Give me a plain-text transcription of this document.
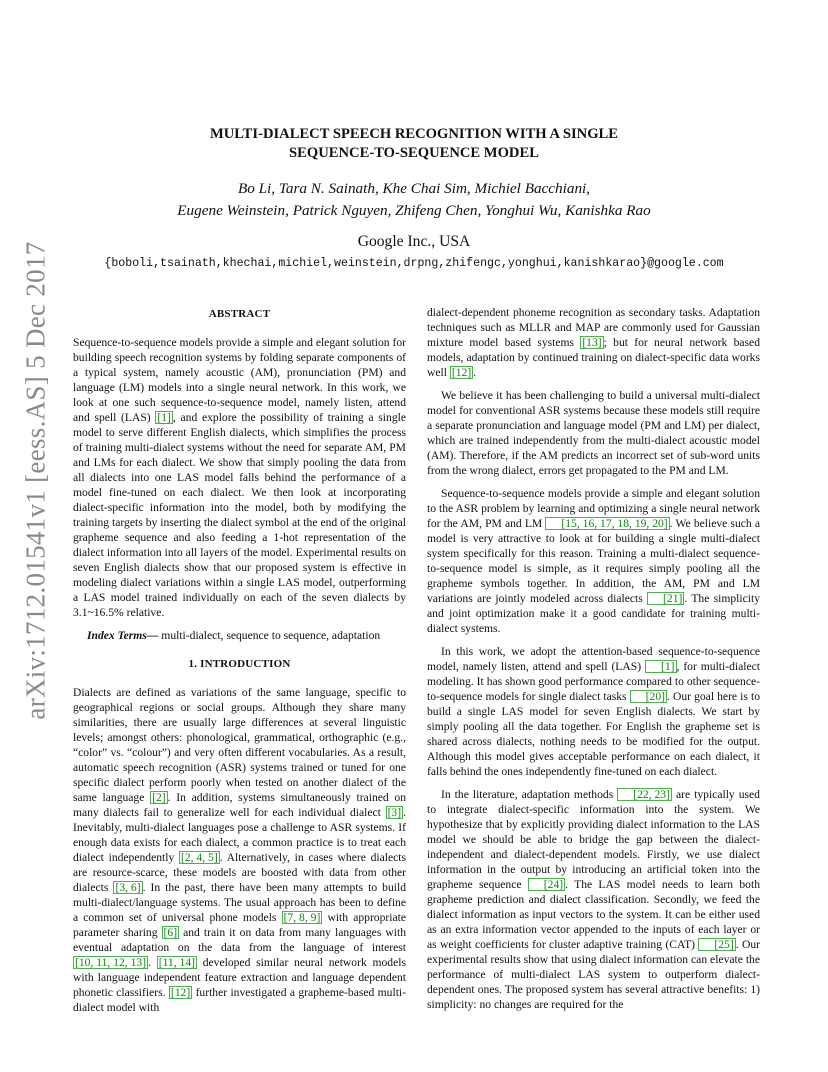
arXiv:1712.01541v1 [eess.AS] 5 Dec 2017
MULTI-DIALECT SPEECH RECOGNITION WITH A SINGLE
SEQUENCE-TO-SEQUENCE MODEL
Bo Li, Tara N. Sainath, Khe Chai Sim, Michiel Bacchiani,
Eugene Weinstein, Patrick Nguyen, Zhifeng Chen, Yonghui Wu, Kanishka Rao
Google Inc., USA
{boboli,tsainath,khechai,michiel,weinstein,drpng,zhifengc,yonghui,kanishkarao}@google.com
ABSTRACT

Sequence-to-sequence models provide a simple and elegant solution for building speech recognition systems by folding separate components of a typical system, namely acoustic (AM), pronunciation (PM) and language (LM) models into a single neural network. In this work, we look at one such sequence-to-sequence model, namely listen, attend and spell (LAS) [1] , and explore the possibility of training a single model to serve different English dialects, which simplifies the process of training multi-dialect systems without the need for separate AM, PM and LMs for each dialect. We show that simply pooling the data from all dialects into one LAS model falls behind the performance of a model fine-tuned on each dialect. We then look at incorporating dialect-specific information into the model, both by modifying the training targets by inserting the dialect symbol at the end of the original grapheme sequence and also feeding a 1-hot representation of the dialect information into all layers of the model. Experimental results on seven English dialects show that our proposed system is effective in modeling dialect variations within a single LAS model, outperforming a LAS model trained individually on each of the seven dialects by 3.1~16.5% relative.

Index Terms— multi-dialect, sequence to sequence, adaptation

1. INTRODUCTION

Dialects are defined as variations of the same language, specific to geographical regions or social groups. Although they share many similarities, there are usually large differences at several linguistic levels; amongst others: phonological, grammatical, orthographic (e.g., “color” vs. “colour”) and very often different vocabularies. As a result, automatic speech recognition (ASR) systems trained or tuned for one specific dialect perform poorly when tested on another dialect of the same language [2] . In addition, systems simultaneously trained on many dialects fail to generalize well for each individual dialect [3] . Inevitably, multi-dialect languages pose a challenge to ASR systems. If enough data exists for each dialect, a common practice is to treat each dialect independently [2, 4, 5] . Alternatively, in cases where dialects are resource-scarce, these models are boosted with data from other dialects [3, 6] . In the past, there have been many attempts to build multi-dialect/language systems. The usual approach has been to define a common set of universal phone models [7, 8, 9] with appropriate parameter sharing [6] and train it on data from many languages with eventual adaptation on the data from the language of interest [10, 11, 12, 13] . [11, 14] developed similar neural network models with language independent feature extraction and language dependent phonetic classifiers. [12] further investigated a grapheme-based multi-dialect model with

dialect-dependent phoneme recognition as secondary tasks. Adaptation techniques such as MLLR and MAP are commonly used for Gaussian mixture model based systems [13] ; but for neural network based models, adaptation by continued training on dialect-specific data works well [12] .

We believe it has been challenging to build a universal multi-dialect model for conventional ASR systems because these models still require a separate pronunciation and language model (PM and LM) per dialect, which are trained independently from the multi-dialect acoustic model (AM). Therefore, if the AM predicts an incorrect set of sub-word units from the wrong dialect, errors get propagated to the PM and LM.

Sequence-to-sequence models provide a simple and elegant solution to the ASR problem by learning and optimizing a single neural network for the AM, PM and LM [15, 16, 17, 18, 19, 20] . We believe such a model is very attractive to look at for building a single multi-dialect system specifically for this reason. Training a multi-dialect sequence-to-sequence model is simple, as it requires simply pooling all the grapheme symbols together. In addition, the AM, PM and LM variations are jointly modeled across dialects [21] . The simplicity and joint optimization make it a good candidate for training multi-dialect systems.

In this work, we adopt the attention-based sequence-to-sequence model, namely listen, attend and spell (LAS) [1] , for multi-dialect modeling. It has shown good performance compared to other sequence-to-sequence models for single dialect tasks [20] . Our goal here is to build a single LAS model for seven English dialects. We start by simply pooling all the data together. For English the grapheme set is shared across dialects, nothing needs to be modified for the output. Although this model gives acceptable performance on each dialect, it falls behind the ones independently fine-tuned on each dialect.

In the literature, adaptation methods [22, 23] are typically used to integrate dialect-specific information into the system. We hypothesize that by explicitly providing dialect information to the LAS model we should be able to bridge the gap between the dialect-independent and dialect-dependent models. Firstly, we use dialect information in the output by introducing an artificial token into the grapheme sequence [24] . The LAS model needs to learn both grapheme prediction and dialect classification. Secondly, we feed the dialect information as input vectors to the system. It can be either used as an extra information vector appended to the inputs of each layer or as weight coefficients for cluster adaptive training (CAT) [25] . Our experimental results show that using dialect information can elevate the performance of multi-dialect LAS system to outperform dialect-dependent ones. The proposed system has several attractive benefits: 1) simplicity: no changes are required for the
